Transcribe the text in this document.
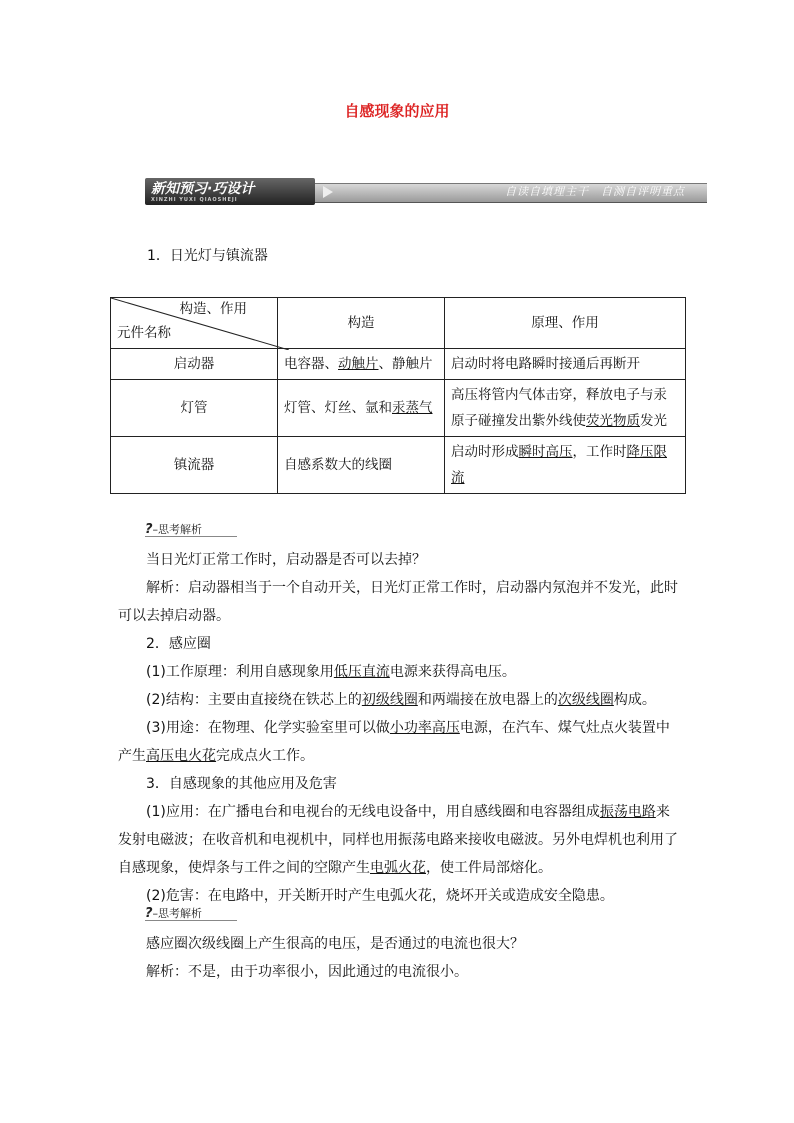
自感现象的应用
新知预习·巧设计
XINZHI YUXI QIAOSHEJI
自读自填理主干　自测自评明重点
1．日光灯与镇流器
构造、作用
元件名称	构造	原理、作用
启动器	电容器、动触片、静触片	启动时将电路瞬时接通后再断开
灯管	灯管、灯丝、氩和汞蒸气	高压将管内气体击穿，释放电子与汞原子碰撞发出紫外线使荧光物质发光
镇流器	自感系数大的线圈	启动时形成瞬时高压，工作时降压限流
?–思考解析
当日光灯正常工作时，启动器是否可以去掉？
解析：启动器相当于一个自动开关，日光灯正常工作时，启动器内氖泡并不发光，此时可以去掉启动器。
2．感应圈
(1)工作原理：利用自感现象用低压直流电源来获得高电压。
(2)结构：主要由直接绕在铁芯上的初级线圈和两端接在放电器上的次级线圈构成。
(3)用途：在物理、化学实验室里可以做小功率高压电源，在汽车、煤气灶点火装置中产生高压电火花完成点火工作。
3．自感现象的其他应用及危害
(1)应用：在广播电台和电视台的无线电设备中，用自感线圈和电容器组成振荡电路来发射电磁波；在收音机和电视机中，同样也用振荡电路来接收电磁波。另外电焊机也利用了自感现象，使焊条与工件之间的空隙产生电弧火花，使工件局部熔化。
(2)危害：在电路中，开关断开时产生电弧火花，烧坏开关或造成安全隐患。
?–思考解析
感应圈次级线圈上产生很高的电压，是否通过的电流也很大？
解析：不是，由于功率很小，因此通过的电流很小。
